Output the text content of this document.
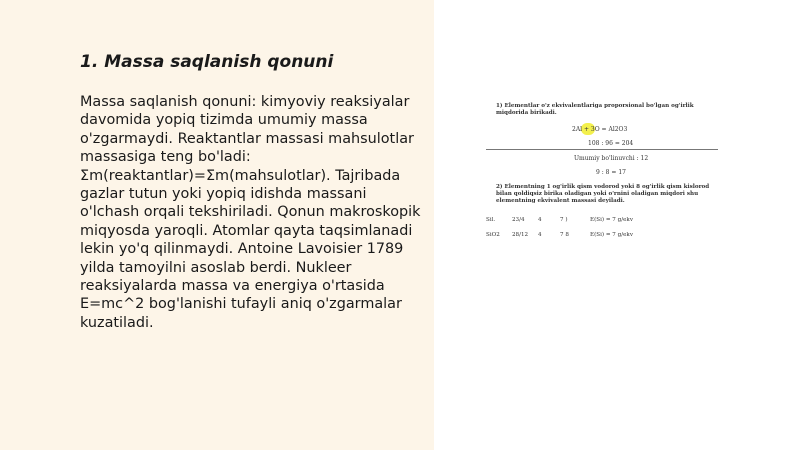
1. Massa saqlanish qonuni

Massa saqlanish qonuni: kimyoviy reaksiyalar davomida yopiq tizimda umumiy massa o'zgarmaydi. Reaktantlar massasi mahsulotlar massasiga teng bo'ladi: Σm(reaktantlar)=Σm(mahsulotlar). Tajribada gazlar tutun yoki yopiq idishda massani o'lchash orqali tekshiriladi. Qonun makroskopik miqyosda yaroqli. Atomlar qayta taqsimlanadi lekin yo'q qilinmaydi. Antoine Lavoisier 1789 yilda tamoyilni asoslab berdi. Nukleer reaksiyalarda massa va energiya o'rtasida E=mc^2 bog'lanishi tufayli aniq o'zgarmalar kuzatiladi.

1) Elementlar o'z ekvivalentlariga proporsional bo'lgan og'irlik miqdorida birikadi.
2Al + 3O = Al2O3
108 : 96 = 204
Umumiy bo'linuvchi : 12
9 : 8 = 17
2) Elementning 1 og'irlik qism vodorod yoki 8 og'irlik qism kislorod bilan qoldiqsiz birika oladigan yoki o'rnini oladigan miqdori shu elementning ekvivalent massasi deyiladi.
Sil.	23/4 4	7 )	E(Si) = 7 g/ekv
SiO2 28/12 4	7 8	E(Si) = 7 g/ekv
